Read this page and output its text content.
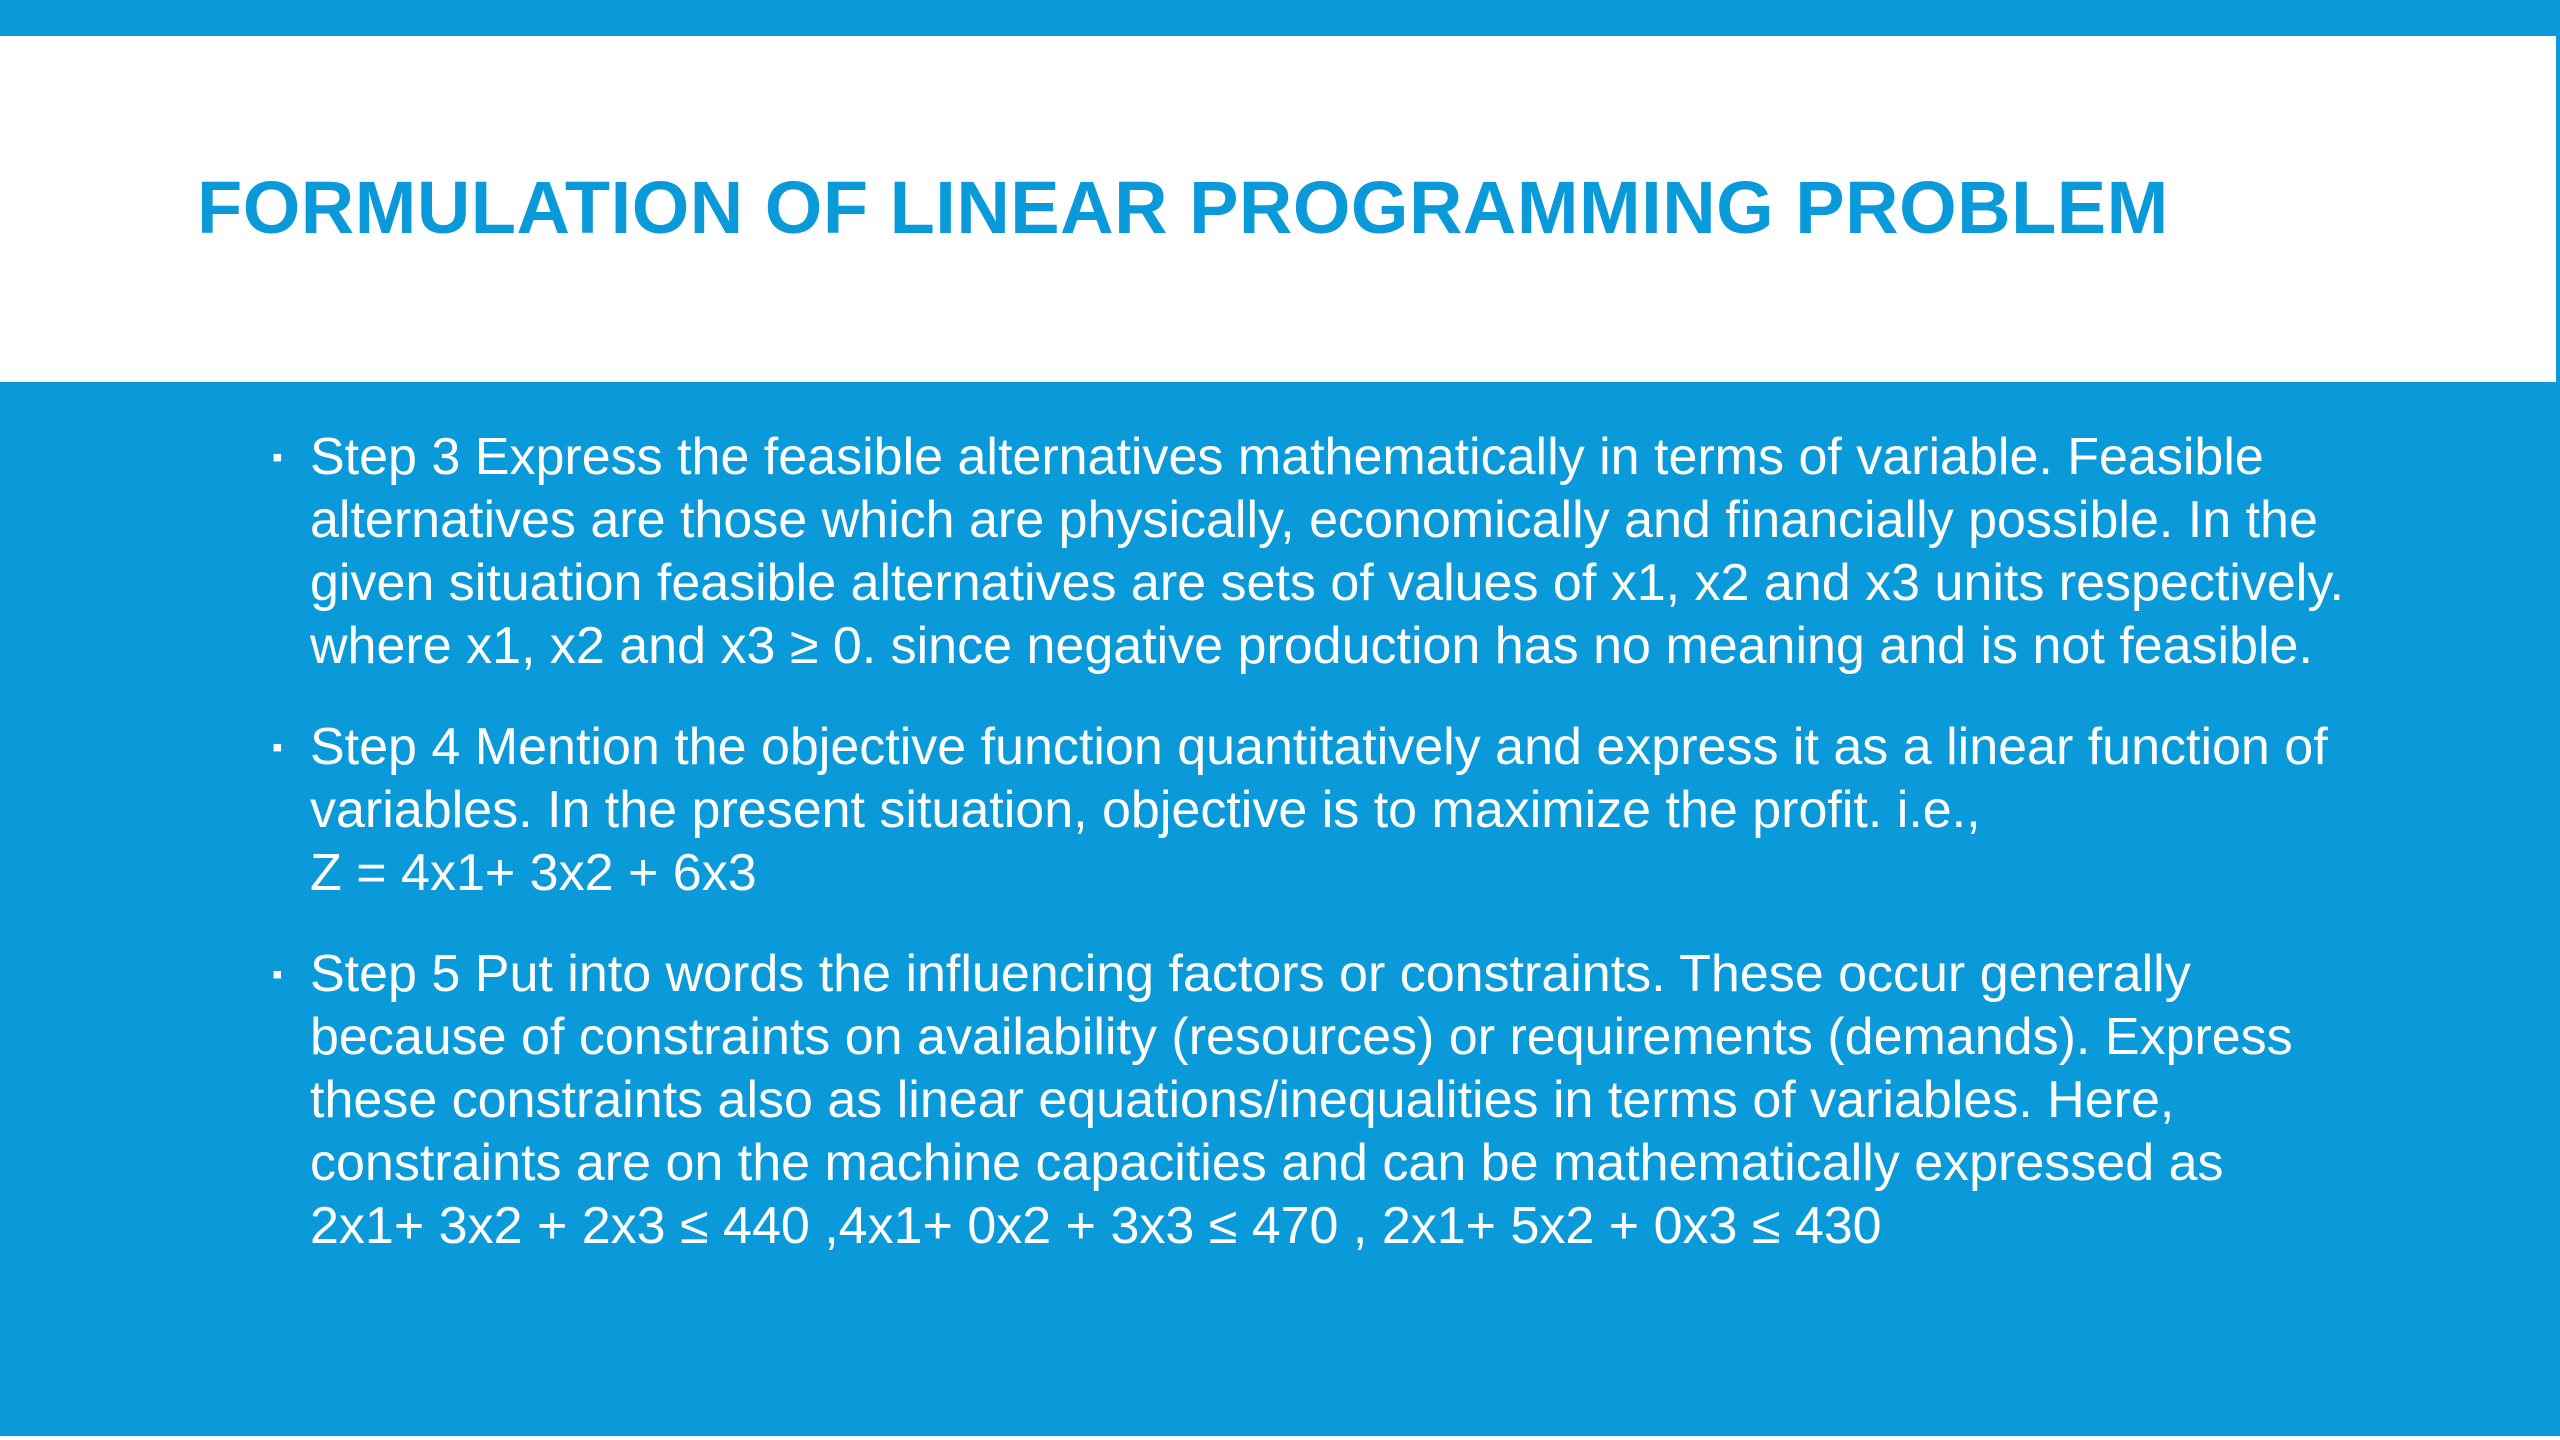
FORMULATION OF LINEAR PROGRAMMING PROBLEM
▪ Step 3 Express the feasible alternatives mathematically in terms of variable. Feasible alternatives are those which are physically, economically and financially possible. In the given situation feasible alternatives are sets of values of x1, x2 and x3 units respectively. where x1, x2 and x3 ≥ 0. since negative production has no meaning and is not feasible.
▪ Step 4 Mention the objective function quantitatively and express it as a linear function of variables. In the present situation, objective is to maximize the profit. i.e.,
Z = 4x1+ 3x2 + 6x3
▪ Step 5 Put into words the influencing factors or constraints. These occur generally because of constraints on availability (resources) or requirements (demands). Express these constraints also as linear equations/inequalities in terms of variables. Here, constraints are on the machine capacities and can be mathematically expressed as
2x1+ 3x2 + 2x3 ≤ 440 ,4x1+ 0x2 + 3x3 ≤ 470 , 2x1+ 5x2 + 0x3 ≤ 430
